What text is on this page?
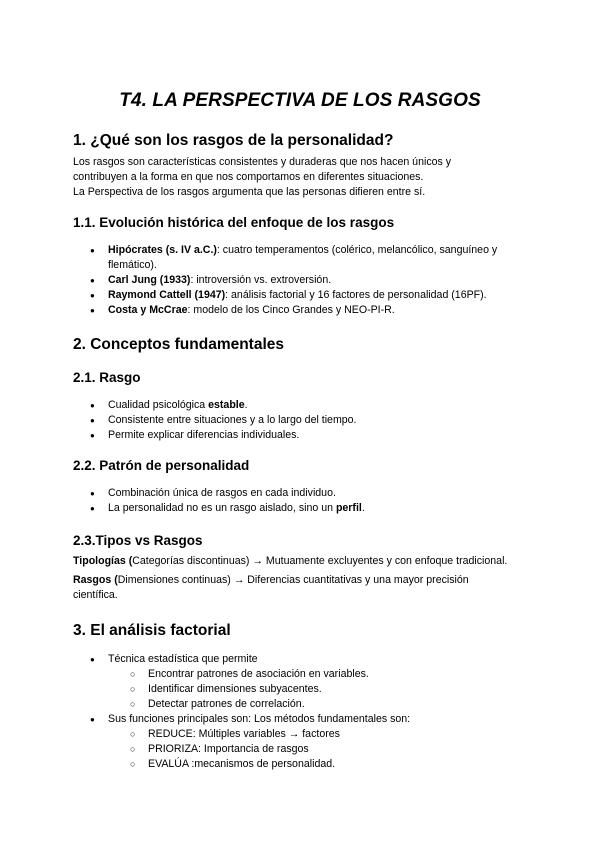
T4. LA PERSPECTIVA DE LOS RASGOS
1. ¿Qué son los rasgos de la personalidad?
Los rasgos son características consistentes y duraderas que nos hacen únicos y
contribuyen a la forma en que nos comportamos en diferentes situaciones.
La Perspectiva de los rasgos argumenta que las personas difieren entre sí.
1.1. Evolución histórica del enfoque de los rasgos
● Hipócrates (s. IV a.C.): cuatro temperamentos (colérico, melancólico, sanguíneo y flemático).
● Carl Jung (1933): introversión vs. extroversión.
● Raymond Cattell (1947): análisis factorial y 16 factores de personalidad (16PF).
● Costa y McCrae: modelo de los Cinco Grandes y NEO-PI-R.
2. Conceptos fundamentales
2.1. Rasgo
● Cualidad psicológica estable.
● Consistente entre situaciones y a lo largo del tiempo.
● Permite explicar diferencias individuales.
2.2. Patrón de personalidad
● Combinación única de rasgos en cada individuo.
● La personalidad no es un rasgo aislado, sino un perfil.
2.3.Tipos vs Rasgos
Tipologías (Categorías discontinuas) → Mutuamente excluyentes y con enfoque tradicional.
Rasgos (Dimensiones continuas) → Diferencias cuantitativas y una mayor precisión
científica.
3. El análisis factorial
● Técnica estadística que permite
○ Encontrar patrones de asociación en variables.
○ Identificar dimensiones subyacentes.
○ Detectar patrones de correlación.
● Sus funciones principales son: Los métodos fundamentales son:
○ REDUCE: Múltiples variables → factores
○ PRIORIZA: Importancia de rasgos
○ EVALÚA :mecanismos de personalidad.
